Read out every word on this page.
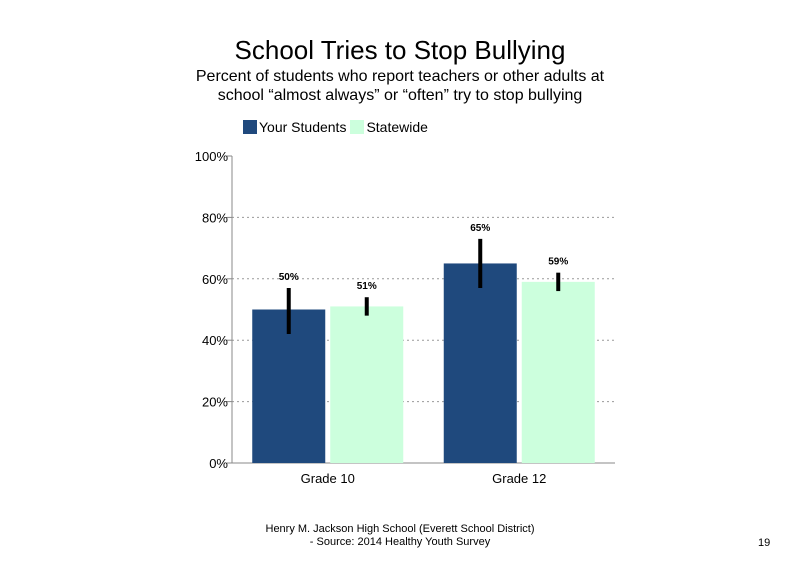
School Tries to Stop Bullying
Percent of students who report teachers or other adults at school “almost always” or “often” try to stop bullying
Your Students Statewide
0%
20%
40%
60%
80%
100%
50%
51%
Grade 10
65%
59%
Grade 12
Henry M. Jackson High School (Everett School District)
- Source: 2014 Healthy Youth Survey	19
